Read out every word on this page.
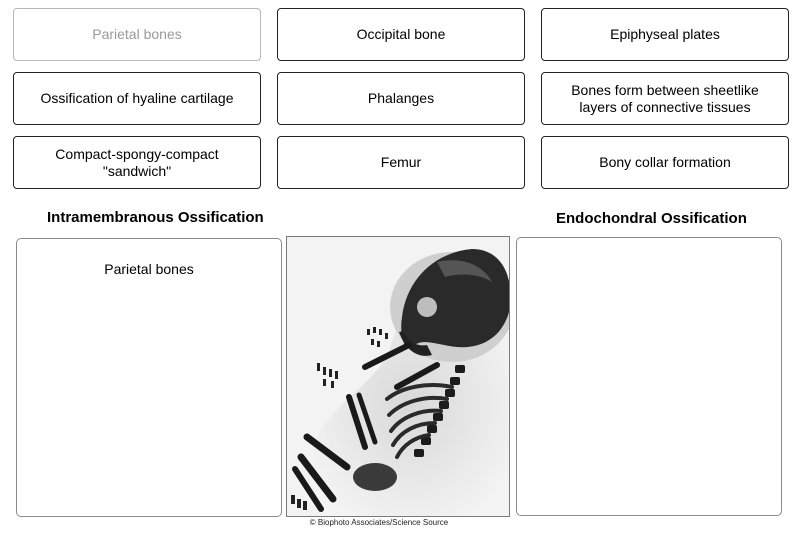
Parietal bones	Occipital bone	Epiphyseal plates
Ossification of hyaline cartilage	Phalanges
Bones form between sheetlike
layers of connective tissues
Compact-spongy-compact
"sandwich"
Femur	Bony collar formation
Intramembranous Ossification	Endochondral Ossification
Parietal bones
© Biophoto Associates/Science Source
